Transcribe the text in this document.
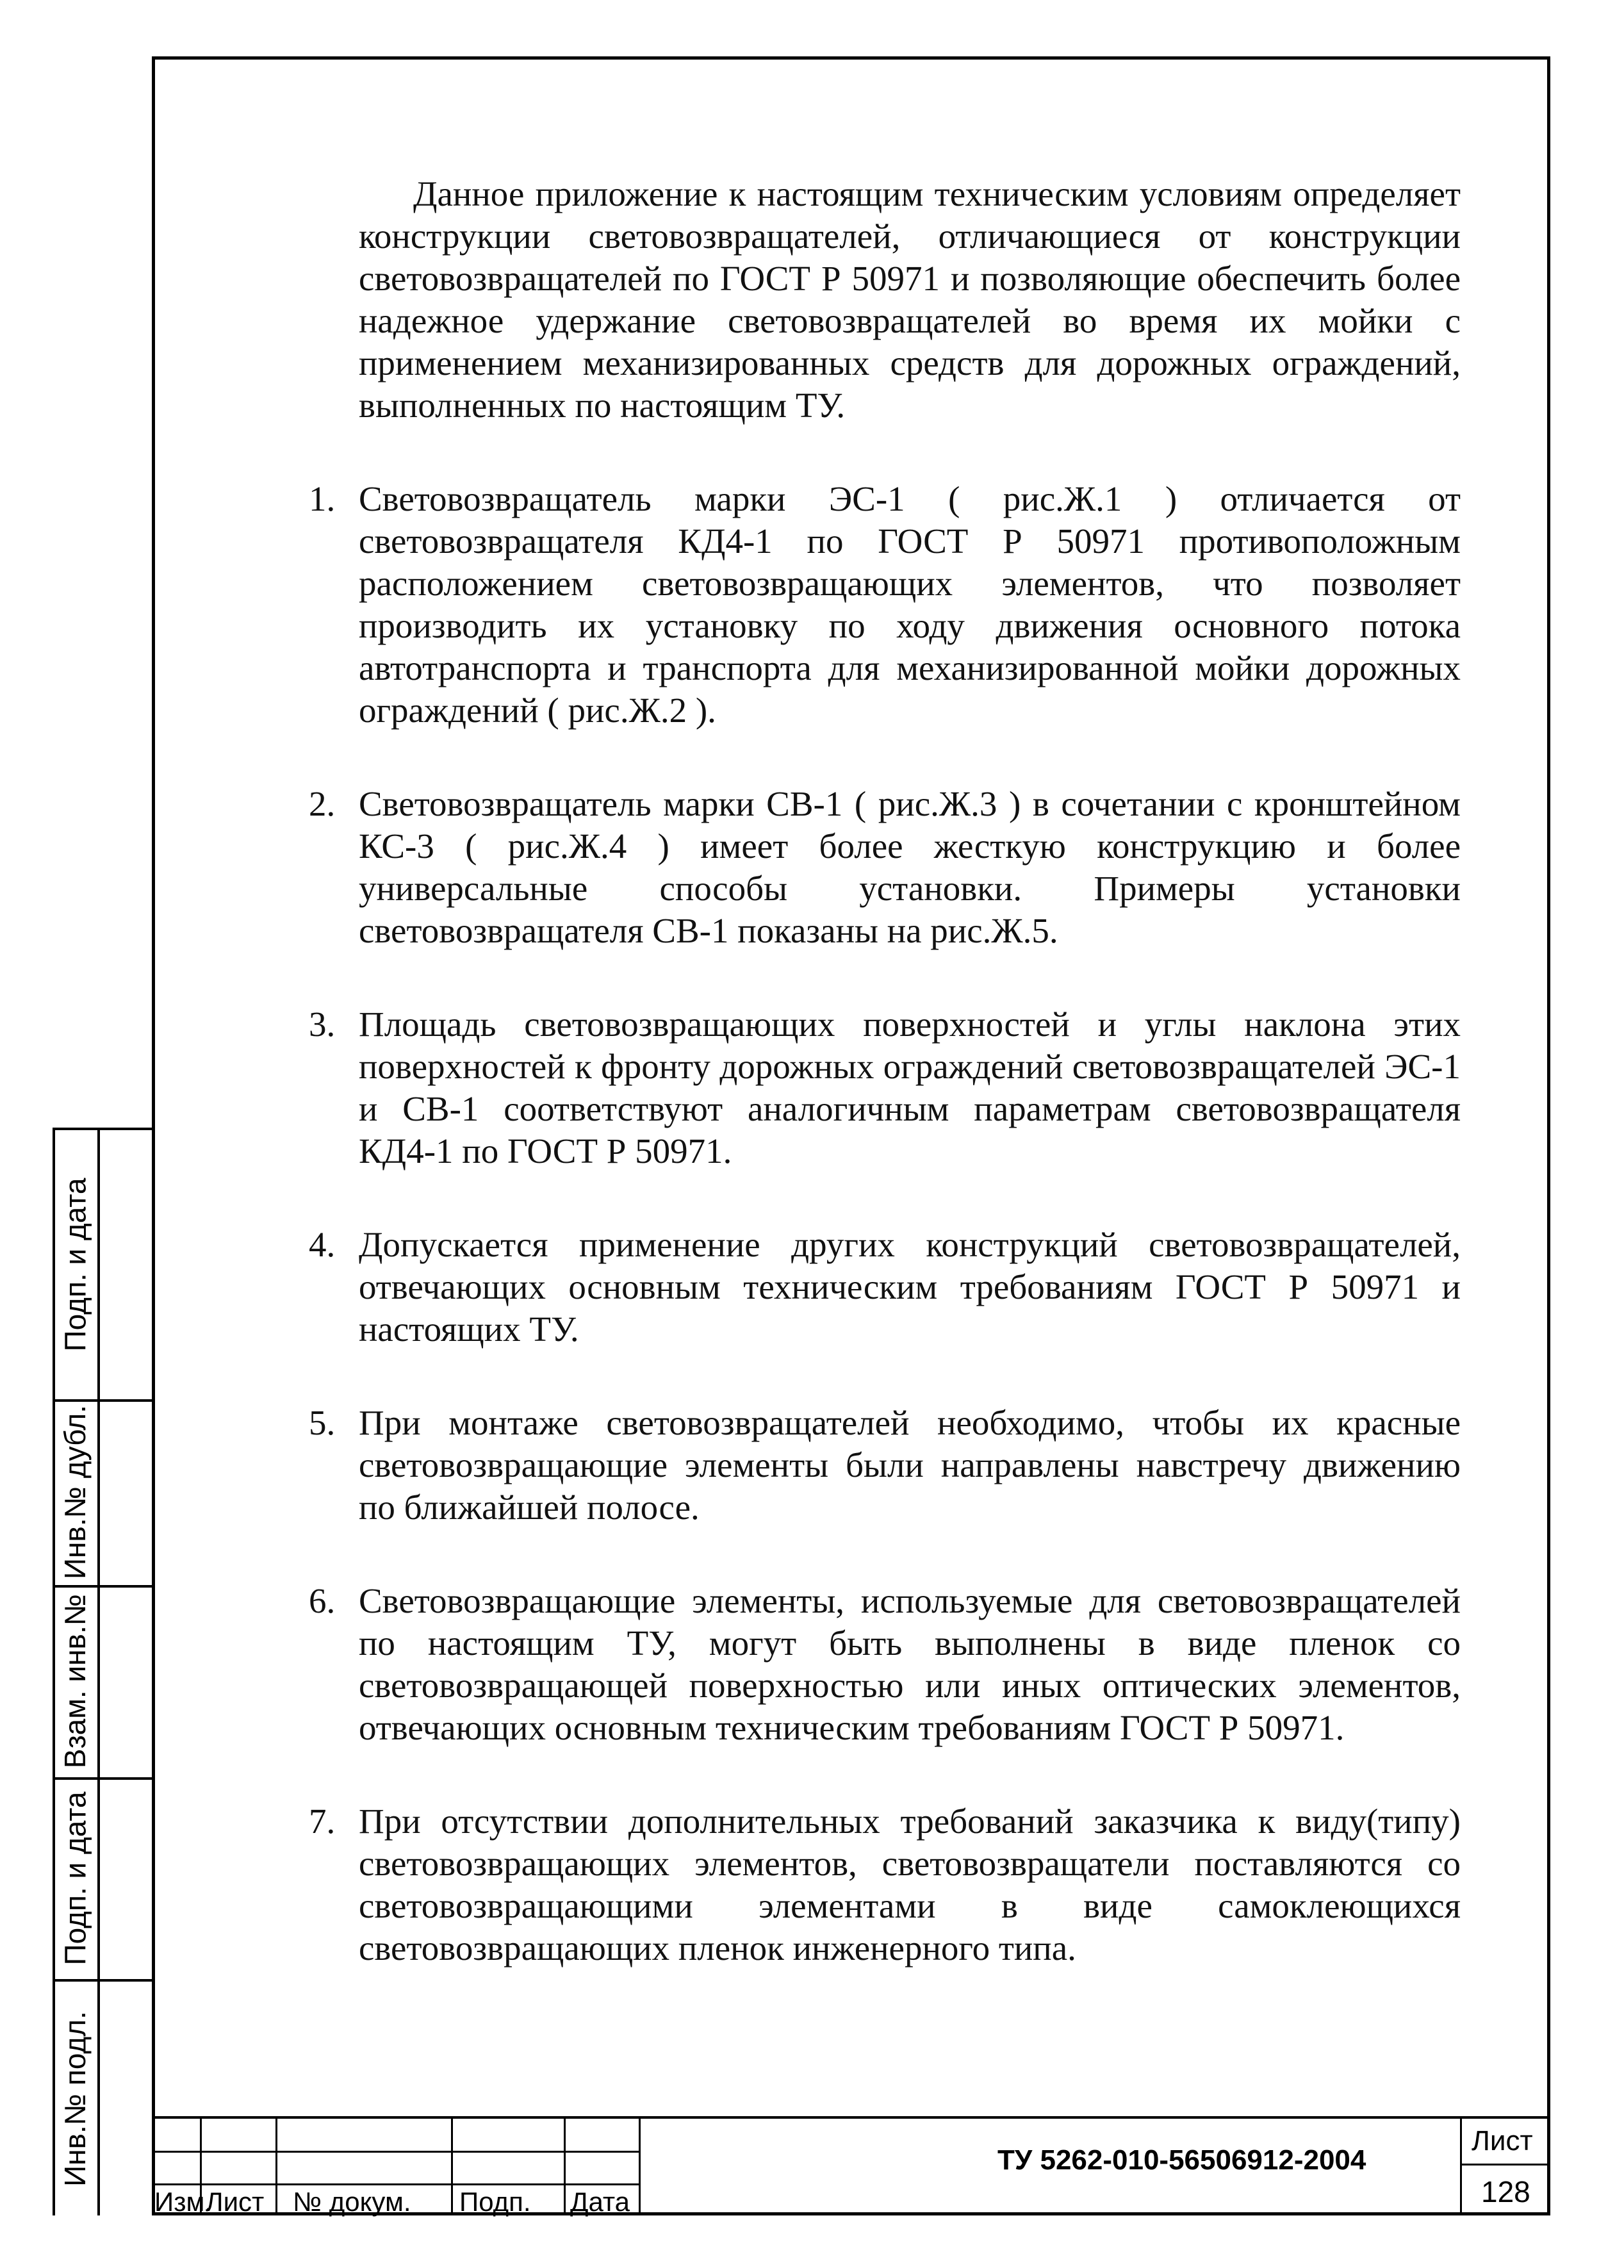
Подп. и дата
Инв.№ дубл.
Взам. инв.№
Подп. и дата
Инв.№ подл.

Данное приложение к настоящим техническим условиям определяет конструкции световозвращателей, отличающиеся от конструкции световозвращателей по ГОСТ Р 50971 и позволяющие обеспечить более надежное удержание световозвращателей во время их мойки с применением механизированных средств для дорожных ограждений, выполненных по настоящим ТУ.

1. Световозвращатель марки ЭС-1 ( рис.Ж.1 ) отличается от световозвращателя КД4-1 по ГОСТ Р 50971 противоположным расположением световозвращающих элементов, что позволяет производить их установку по ходу движения основного потока автотранспорта и транспорта для механизированной мойки дорожных ограждений ( рис.Ж.2 ).
2. Световозвращатель марки СВ-1 ( рис.Ж.3 ) в сочетании с кронштейном КС-3 ( рис.Ж.4 ) имеет более жесткую конструкцию и более универсальные способы установки. Примеры установки световозвращателя СВ-1 показаны на рис.Ж.5.
3. Площадь световозвращающих поверхностей и углы наклона этих поверхностей к фронту дорожных ограждений световозвращателей ЭС-1 и СВ-1 соответствуют аналогичным параметрам световозвращателя КД4-1 по ГОСТ Р 50971.
4. Допускается применение других конструкций световозвращателей, отвечающих основным техническим требованиям ГОСТ Р 50971 и настоящих ТУ.
5. При монтаже световозвращателей необходимо, чтобы их красные световозвращающие элементы были направлены навстречу движению по ближайшей полосе.
6. Световозвращающие элементы, используемые для световозвращателей по настоящим ТУ, могут быть выполнены в виде пленок со световозвращающей поверхностью или иных оптических элементов, отвечающих основным техническим требованиям ГОСТ Р 50971.
7. При отсутствии дополнительных требований заказчика к виду(типу) световозвращающих элементов, световозвращатели поставляются со световозвращающими элементами в виде самоклеющихся световозвращающих пленок инженерного типа.
Изм.
Лист № докум. Подп. Дата
ТУ 5262-010-56506912-2004
Лист
128
